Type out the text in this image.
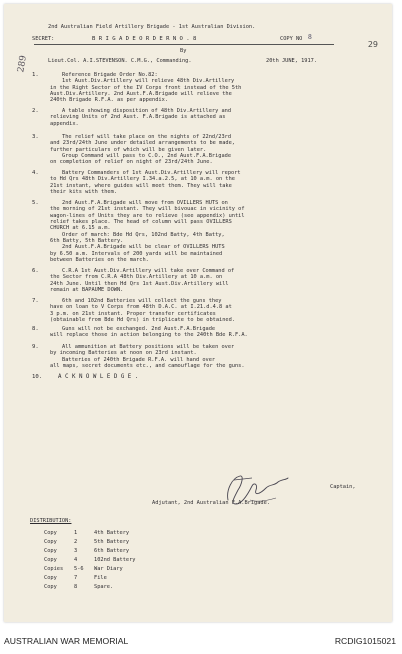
289
29
2nd Australian Field Artillery Brigade - 1st Australian Division.
SECRET:	B R I G A D E O R D E R N O . 8	COPY NO 8
By
Lieut.Col. A.I.STEVENSON. C.M.G., Commanding.	20th JUNE, 1917.
1.	Reference Brigade Order No.82:
1st Aust.Div.Artillery will relieve 48th Div.Artillery
in the Right Sector of the IV Corps front instead of the 5th
Aust.Div.Artillery. 2nd Aust.F.A.Brigade will relieve the
240th Brigade R.F.A. as per appendix.
2.	A table showing disposition of 48th Div.Artillery and
relieving Units of 2nd Aust. F.A.Brigade is attached as
appendix.
3.	The relief will take place on the nights of 22nd/23rd
and 23rd/24th June under detailed arrangements to be made,
further particulars of which will be given later.
Group Command will pass to C.O., 2nd Aust.F.A.Brigade
on completion of relief on night of 23rd/24th June.
4.	Battery Commanders of 1st Aust.Div.Artillery will report
to Hd Qrs 48th Div.Artillery I.34.a.2.5, at 10 a.m. on the
21st instant, where guides will meet them. They will take
their kits with them.
5.	2nd Aust.F.A.Brigade will move from OVILLERS HUTS on
the morning of 21st instant. They will bivouac in vicinity of
wagon-lines of Units they are to relieve (see appendix) until
relief takes place. The head of column will pass OVILLERS
CHURCH at 6.15 a.m.
Order of march: Bde Hd Qrs, 102nd Batty, 4th Batty,
6th Batty, 5th Battery.
2nd Aust.F.A.Brigade will be clear of OVILLERS HUTS
by 6.50 a.m. Intervals of 200 yards will be maintained
between Batteries on the march.
6.	C.R.A 1st Aust.Div.Artillery will take over Command of
the Sector from C.R.A 48th Div.Artillery at 10 a.m. on
24th June. Until then Hd Qrs 1st Aust.Div.Artillery will
remain at BAPAUME DOWN.
7.	6th and 102nd Batteries will collect the guns they
have on loan to V Corps from 48th D.A.C. at I.21.d.4.8 at
3 p.m. on 21st instant. Proper transfer certificates
(obtainable from Bde Hd Qrs) in triplicate to be obtained.
8.	Guns will not be exchanged. 2nd Aust.F.A.Brigade
will replace those in action belonging to the 240th Bde R.F.A.
9.	All ammunition at Battery positions will be taken over
by incoming Batteries at noon on 23rd instant.
Batteries of 240th Brigade R.F.A. will hand over
all maps, secret documents etc., and camouflage for the guns.
10.	A C K N O W L E D G E .
Captain,
Adjutant, 2nd Australian F.A.Brigade.
DISTRIBUTION:
Copy	1	4th Battery
Copy	2	5th Battery
Copy	3	6th Battery
Copy	4	102nd Battery
Copies 5-6 War Diary
Copy	7	File
Copy	8	Spare.
AUSTRALIAN WAR MEMORIAL	RCDIG1015021
